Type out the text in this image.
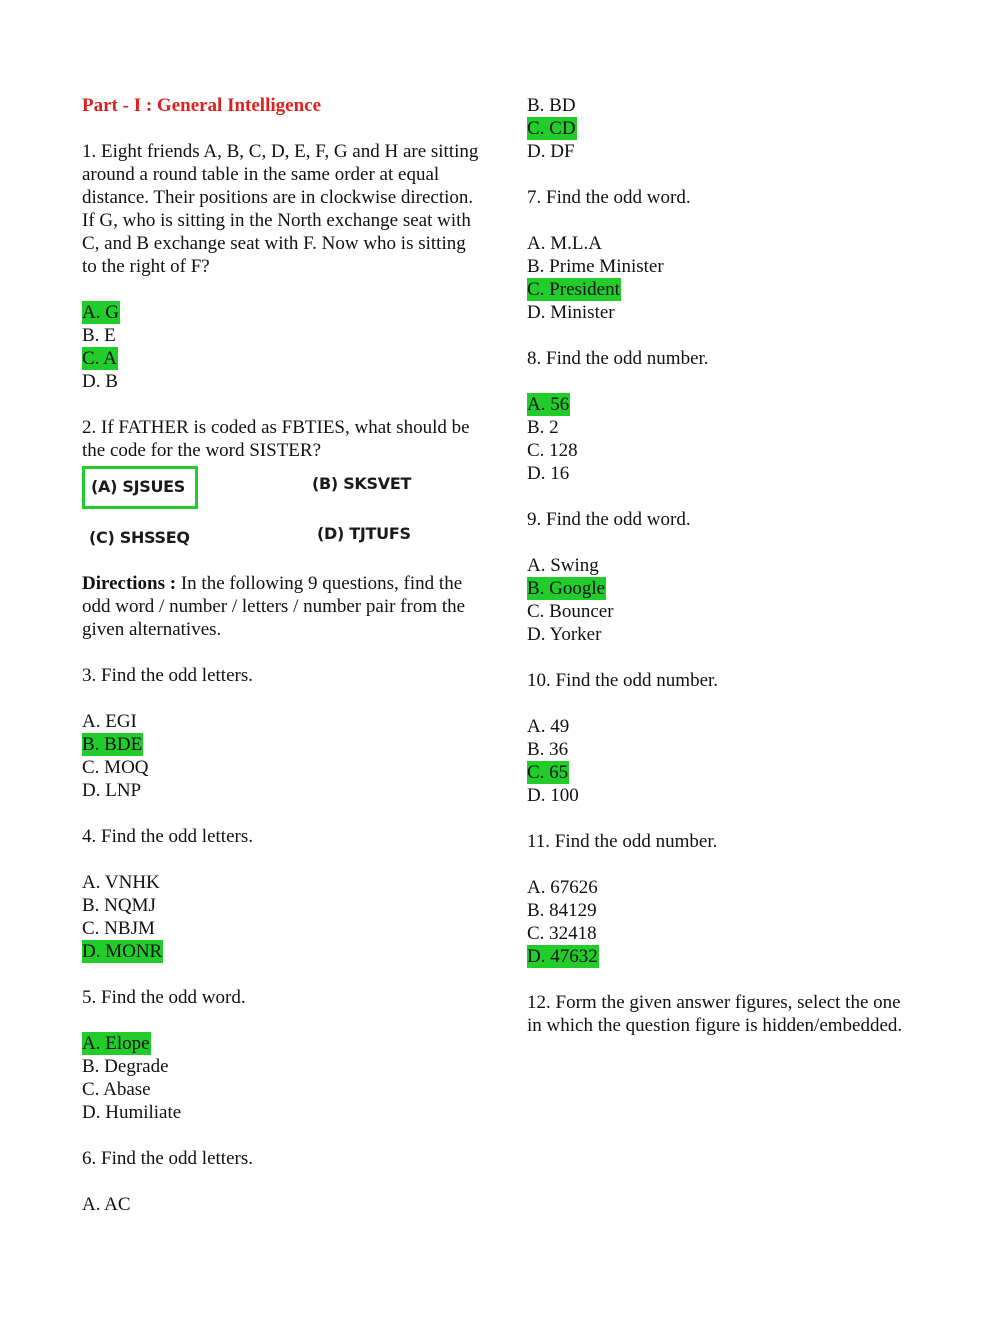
Part - I : General Intelligence

1. Eight friends A, B, C, D, E, F, G and H are sitting around a round table in the same order at equal distance. Their positions are in clockwise direction. If G, who is sitting in the North exchange seat with C, and B exchange seat with F. Now who is sitting to the right of F?

A. G
B. E
C. A
D. B

2. If FATHER is coded as FBTIES, what should be the code for the word SISTER?

(A) SJSUES	(B) SKSVET
(C) SHSSEQ	(D) TJTUFS

Directions : In the following 9 questions, find the odd word / number / letters / number pair from the given alternatives.

3. Find the odd letters.

A. EGI
B. BDE
C. MOQ
D. LNP

4. Find the odd letters.

A. VNHK
B. NQMJ
C. NBJM
D. MONR

5. Find the odd word.

A. Elope
B. Degrade
C. Abase
D. Humiliate

6. Find the odd letters.

A. AC
B. BD
C. CD
D. DF

7. Find the odd word.

A. M.L.A
B. Prime Minister
C. President
D. Minister

8. Find the odd number.

A. 56
B. 2
C. 128
D. 16

9. Find the odd word.

A. Swing
B. Google
C. Bouncer
D. Yorker

10. Find the odd number.

A. 49
B. 36
C. 65
D. 100

11. Find the odd number.

A. 67626
B. 84129
C. 32418
D. 47632

12. Form the given answer figures, select the one in which the question figure is hidden/embedded.
